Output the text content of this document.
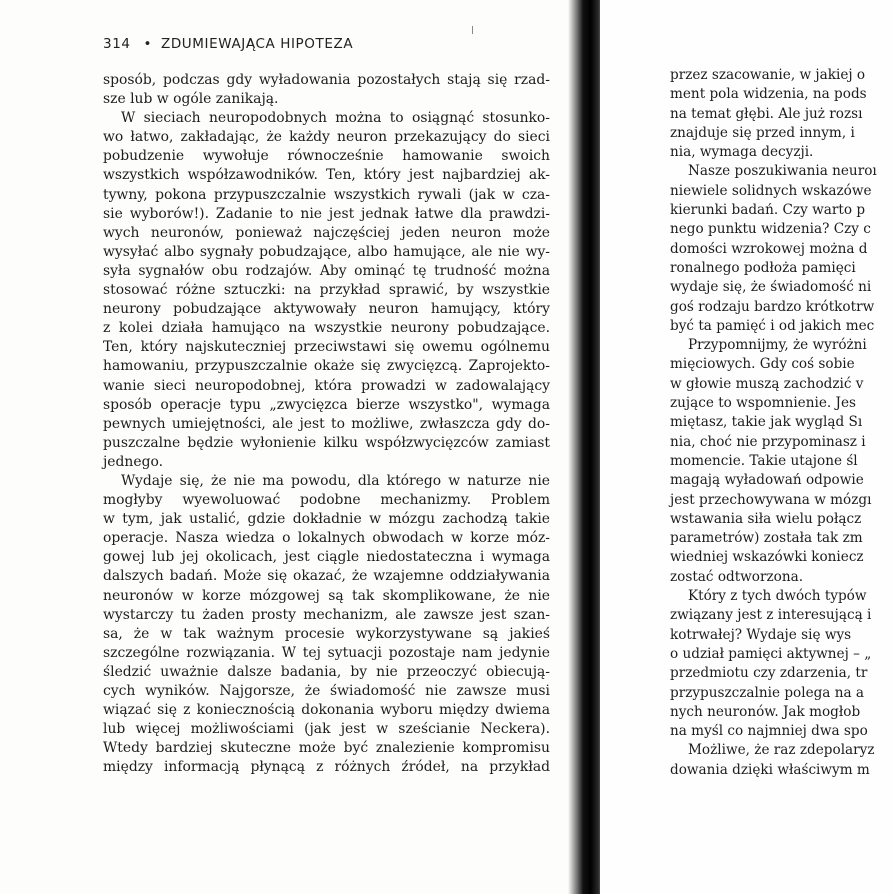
314 • ZDUMIEWAJĄCA HIPOTEZA
sposób, podczas gdy wyładowania pozostałych stają się rzad-
sze lub w ogóle zanikają.
W sieciach neuropodobnych można to osiągnąć stosunko-
wo łatwo, zakładając, że każdy neuron przekazujący do sieci
pobudzenie wywołuje równocześnie hamowanie swoich
wszystkich współzawodników. Ten, który jest najbardziej ak-
tywny, pokona przypuszczalnie wszystkich rywali (jak w cza-
sie wyborów!). Zadanie to nie jest jednak łatwe dla prawdzi-
wych neuronów, ponieważ najczęściej jeden neuron może
wysyłać albo sygnały pobudzające, albo hamujące, ale nie wy-
syła sygnałów obu rodzajów. Aby ominąć tę trudność można
stosować różne sztuczki: na przykład sprawić, by wszystkie
neurony pobudzające aktywowały neuron hamujący, który
z kolei działa hamująco na wszystkie neurony pobudzające.
Ten, który najskuteczniej przeciwstawi się owemu ogólnemu
hamowaniu, przypuszczalnie okaże się zwycięzcą. Zaprojekto-
wanie sieci neuropodobnej, która prowadzi w zadowalający
sposób operacje typu „zwycięzca bierze wszystko", wymaga
pewnych umiejętności, ale jest to możliwe, zwłaszcza gdy do-
puszczalne będzie wyłonienie kilku współzwycięzców zamiast
jednego.
Wydaje się, że nie ma powodu, dla którego w naturze nie
mogłyby wyewoluować podobne mechanizmy. Problem
w tym, jak ustalić, gdzie dokładnie w mózgu zachodzą takie
operacje. Nasza wiedza o lokalnych obwodach w korze móz-
gowej lub jej okolicach, jest ciągle niedostateczna i wymaga
dalszych badań. Może się okazać, że wzajemne oddziaływania
neuronów w korze mózgowej są tak skomplikowane, że nie
wystarczy tu żaden prosty mechanizm, ale zawsze jest szan-
sa, że w tak ważnym procesie wykorzystywane są jakieś
szczególne rozwiązania. W tej sytuacji pozostaje nam jedynie
śledzić uważnie dalsze badania, by nie przeoczyć obiecują-
cych wyników. Najgorsze, że świadomość nie zawsze musi
wiązać się z koniecznością dokonania wyboru między dwiema
lub więcej możliwościami (jak jest w sześcianie Neckera).
Wtedy bardziej skuteczne może być znalezienie kompromisu
między informacją płynącą z różnych źródeł, na przykład
przez szacowanie, w jakiej o
ment pola widzenia, na pods
na temat głębi. Ale już rozsı
znajduje się przed innym, i
nia, wymaga decyzji.
Nasze poszukiwania neuroı
niewiele solidnych wskazówe
kierunki badań. Czy warto p
nego punktu widzenia? Czy c
domości wzrokowej można d
ronalnego podłoża pamięci
wydaje się, że świadomość ni
goś rodzaju bardzo krótkotrw
być ta pamięć i od jakich mec
Przypomnijmy, że wyróżni
mięciowych. Gdy coś sobie
w głowie muszą zachodzić v
zujące to wspomnienie. Jes
miętasz, takie jak wygląd Sı
nia, choć nie przypominasz i
momencie. Takie utajone śl
magają wyładowań odpowie
jest przechowywana w mózgı
wstawania siła wielu połącz
parametrów) została tak zm
wiedniej wskazówki koniecz
zostać odtworzona.
Który z tych dwóch typów
związany jest z interesującą i
kotrwałej? Wydaje się wys
o udział pamięci aktywnej – „
przedmiotu czy zdarzenia, tr
przypuszczalnie polega na a
nych neuronów. Jak mogłob
na myśl co najmniej dwa spo
Możliwe, że raz zdepolaryz
dowania dzięki właściwym m
